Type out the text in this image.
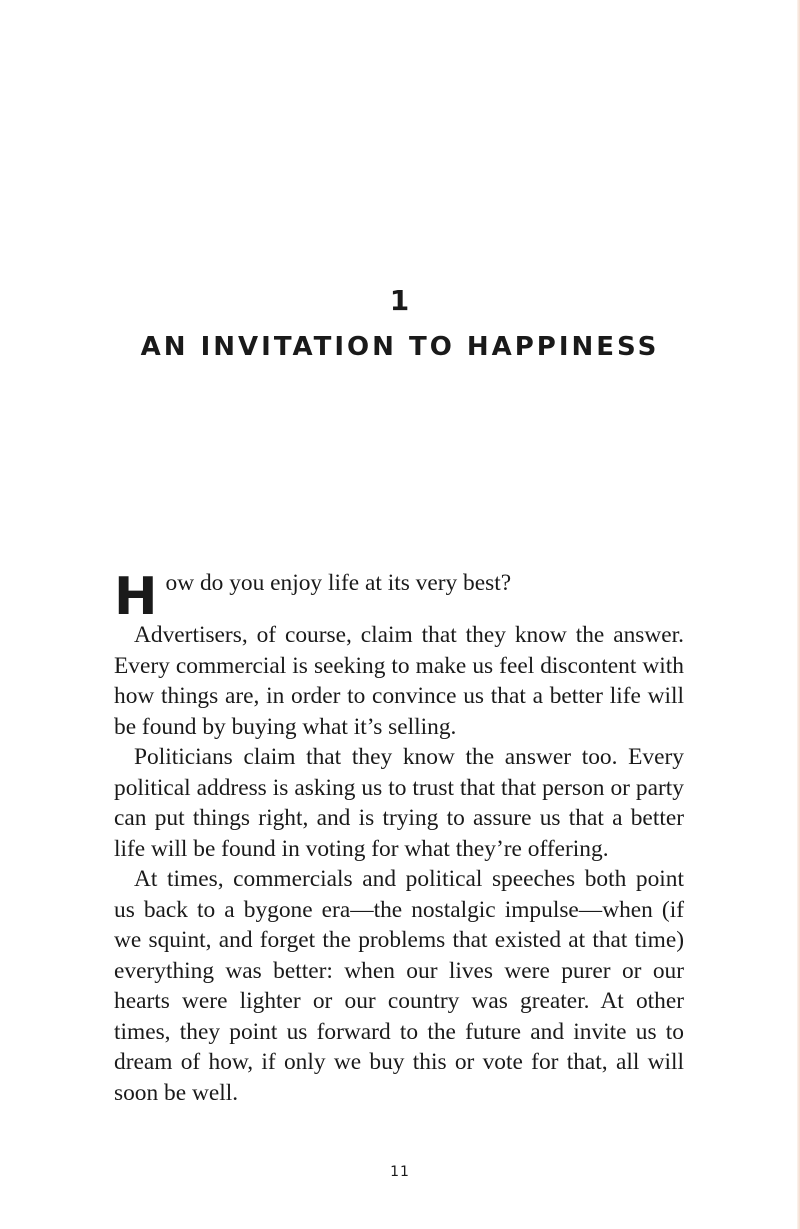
1
AN INVITATION TO HAPPINESS

H ow do you enjoy life at its very best?
Advertisers, of course, claim that they know the answer. Every commercial is seeking to make us feel discontent with how things are, in order to convince us that a better life will be found by buying what it’s selling.

Politicians claim that they know the answer too. Every political address is asking us to trust that that person or party can put things right, and is trying to assure us that a better life will be found in voting for what they’re offering.

At times, commercials and political speeches both point us back to a bygone era—the nostalgic impulse—when (if we squint, and forget the problems that existed at that time) everything was better: when our lives were purer or our hearts were lighter or our country was greater. At other times, they point us forward to the future and invite us to dream of how, if only we buy this or vote for that, all will soon be well.

11
